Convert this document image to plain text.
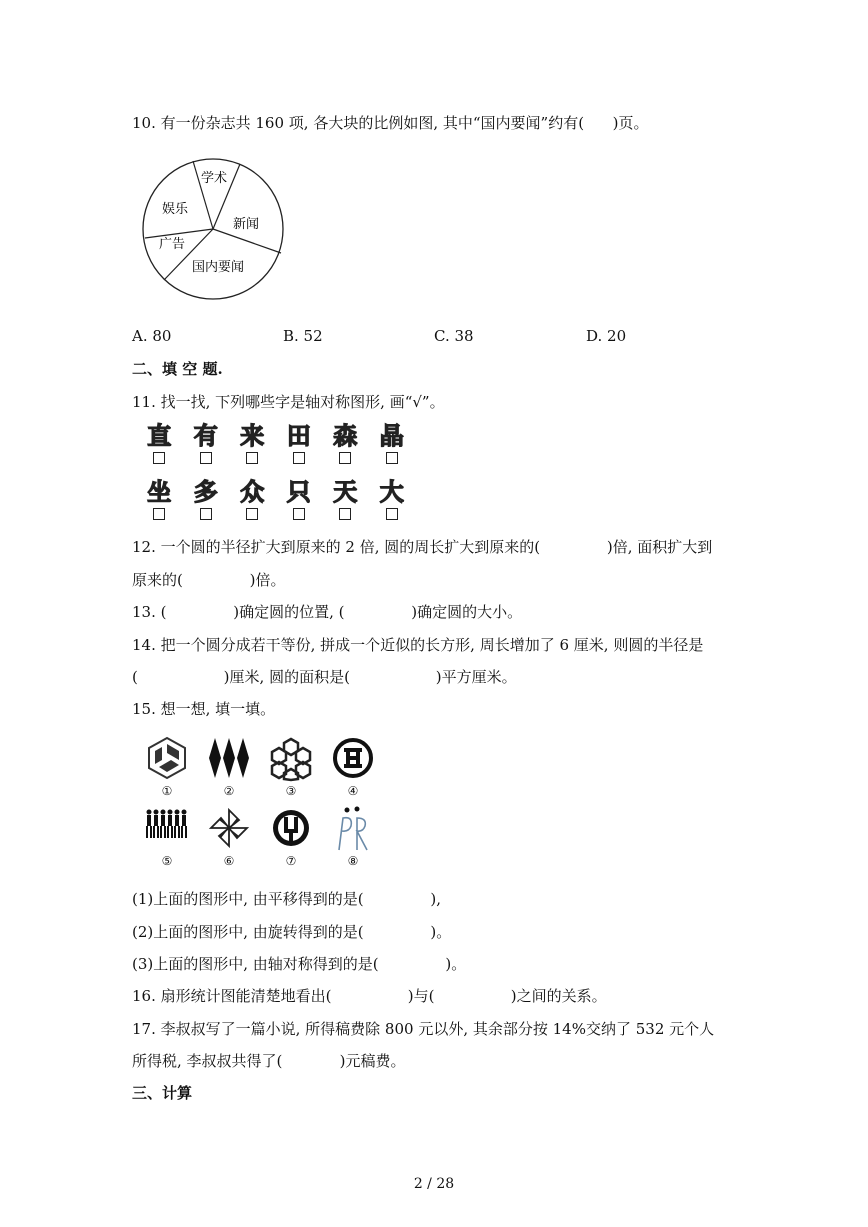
10. 有一份杂志共 160 项, 各大块的比例如图, 其中“国内要闻”约有(      )页。
学术
新闻
国内要闻
广告
娱乐
A. 80	B. 52	C. 38	D. 20
二、填 空 题.
11. 找一找, 下列哪些字是轴对称图形, 画“√”。
直 有 来 田 森 晶
坐 多 众 只 天 大
12. 一个圆的半径扩大到原来的 2 倍, 圆的周长扩大到原来的(              )倍, 面积扩大到
原来的(              )倍。
13. (              )确定圆的位置, (              )确定圆的大小。
14. 把一个圆分成若干等份, 拼成一个近似的长方形, 周长增加了 6 厘米, 则圆的半径是
(                  )厘米, 圆的面积是(                  )平方厘米。
15. 想一想, 填一填。
①	②	③	④
⑤	⑥	⑦	⑧
(1)上面的图形中, 由平移得到的是(              ),
(2)上面的图形中, 由旋转得到的是(              )。
(3)上面的图形中, 由轴对称得到的是(              )。
16. 扇形统计图能清楚地看出(                )与(                )之间的关系。
17. 李叔叔写了一篇小说, 所得稿费除 800 元以外, 其余部分按 14%交纳了 532 元个人
所得税, 李叔叔共得了(            )元稿费。
三、计算
2 / 28
